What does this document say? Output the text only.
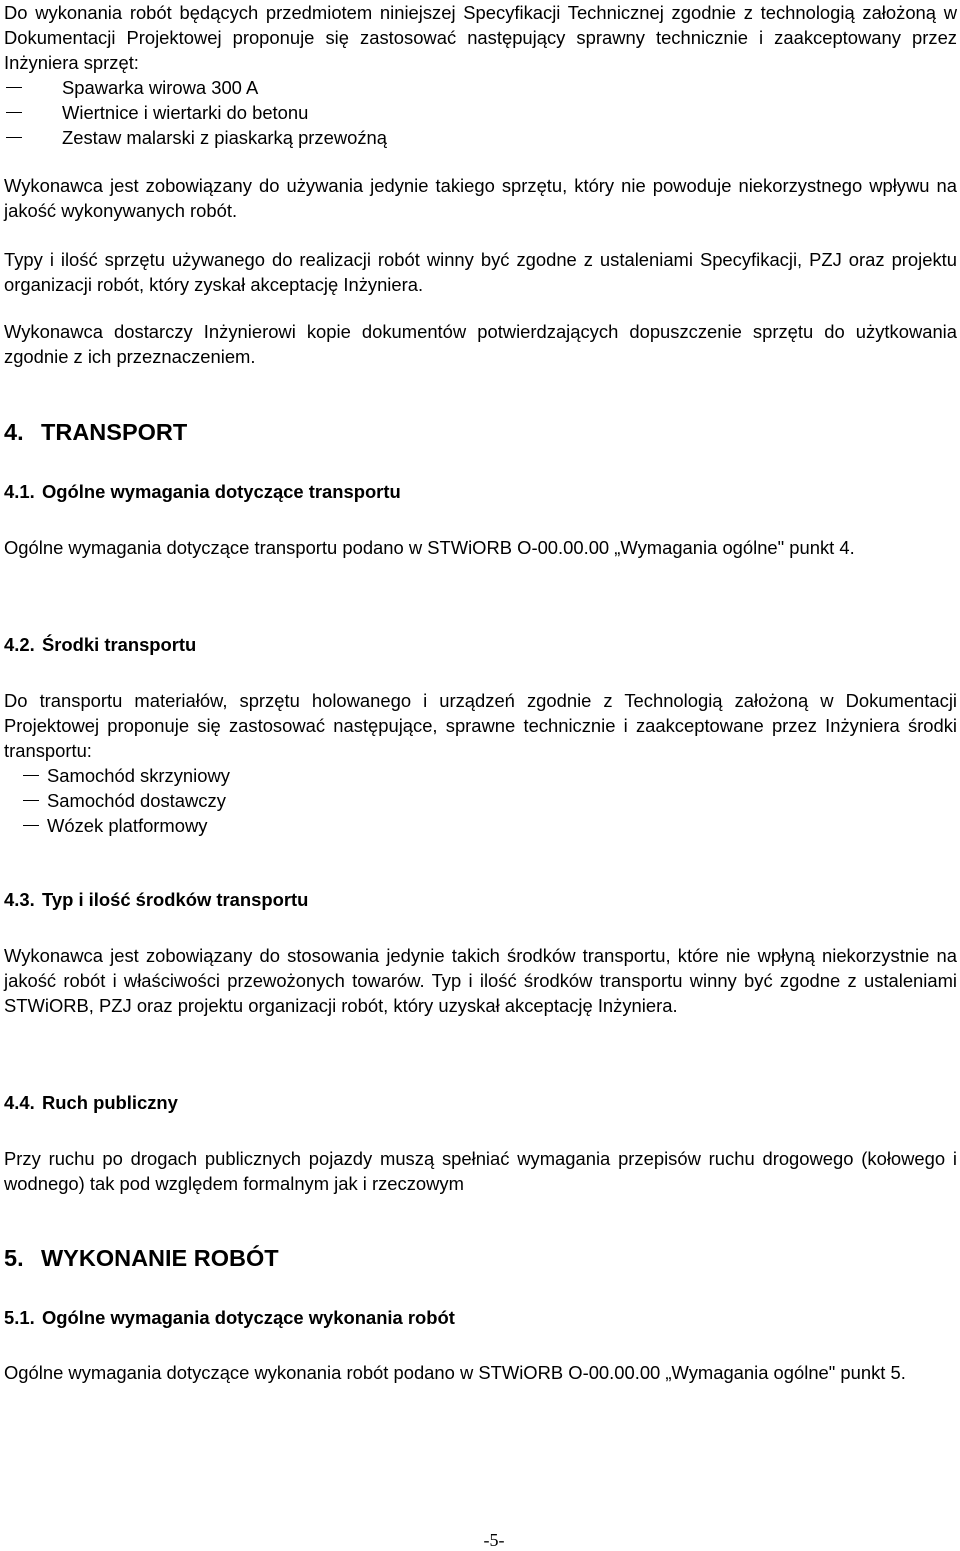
Do wykonania robót będących przedmiotem niniejszej Specyfikacji Technicznej zgodnie z technologią założoną w Dokumentacji Projektowej proponuje się zastosować następujący sprawny technicznie i zaakceptowany przez Inżyniera sprzęt:

Spawarka wirowa 300 A
Wiertnice i wiertarki do betonu
Zestaw malarski z piaskarką przewoźną

Wykonawca jest zobowiązany do używania jedynie takiego sprzętu, który nie powoduje niekorzystnego wpływu na jakość wykonywanych robót.

Typy i ilość sprzętu używanego do realizacji robót winny być zgodne z ustaleniami Specyfikacji, PZJ oraz projektu organizacji robót, który zyskał akceptację Inżyniera.

Wykonawca dostarczy Inżynierowi kopie dokumentów potwierdzających dopuszczenie sprzętu do użytkowania zgodnie z ich przeznaczeniem.

4. TRANSPORT
4.1. Ogólne wymagania dotyczące transportu

Ogólne wymagania dotyczące transportu podano w STWiORB O-00.00.00 „Wymagania ogólne" punkt 4.

4.2. Środki transportu

Do transportu materiałów, sprzętu holowanego i urządzeń zgodnie z Technologią założoną w Dokumentacji Projektowej proponuje się zastosować następujące, sprawne technicznie i zaakceptowane przez Inżyniera środki transportu:

Samochód skrzyniowy
Samochód dostawczy
Wózek platformowy
4.3. Typ i ilość środków transportu

Wykonawca jest zobowiązany do stosowania jedynie takich środków transportu, które nie wpłyną niekorzystnie na jakość robót i właściwości przewożonych towarów. Typ i ilość środków transportu winny być zgodne z ustaleniami STWiORB, PZJ oraz projektu organizacji robót, który uzyskał akceptację Inżyniera.

4.4. Ruch publiczny

Przy ruchu po drogach publicznych pojazdy muszą spełniać wymagania przepisów ruchu drogowego (kołowego i wodnego) tak pod względem formalnym jak i rzeczowym

5. WYKONANIE ROBÓT
5.1. Ogólne wymagania dotyczące wykonania robót

Ogólne wymagania dotyczące wykonania robót podano w STWiORB O-00.00.00 „Wymagania ogólne" punkt 5.

-5-
